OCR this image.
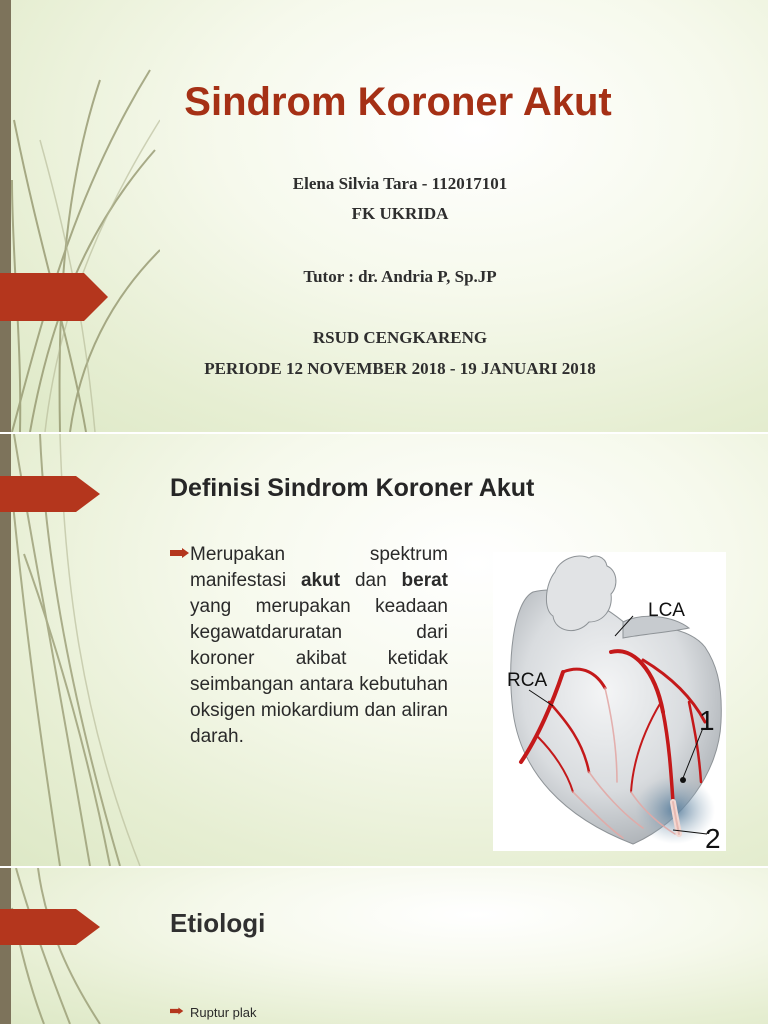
Sindrom Koroner Akut

Elena Silvia Tara - 112017101

FK UKRIDA

Tutor : dr. Andria P, Sp.JP

RSUD CENGKARENG

PERIODE 12 NOVEMBER 2018 - 19 JANUARI 2018

Definisi Sindrom Koroner Akut

Merupakan spektrum manifestasi akut dan berat yang merupakan keadaan kegawatdaruratan dari koroner akibat ketidak seimbangan antara kebutuhan oksigen miokardium dan aliran darah.

LCA
RCA
1
2
Etiologi
Ruptur plak
